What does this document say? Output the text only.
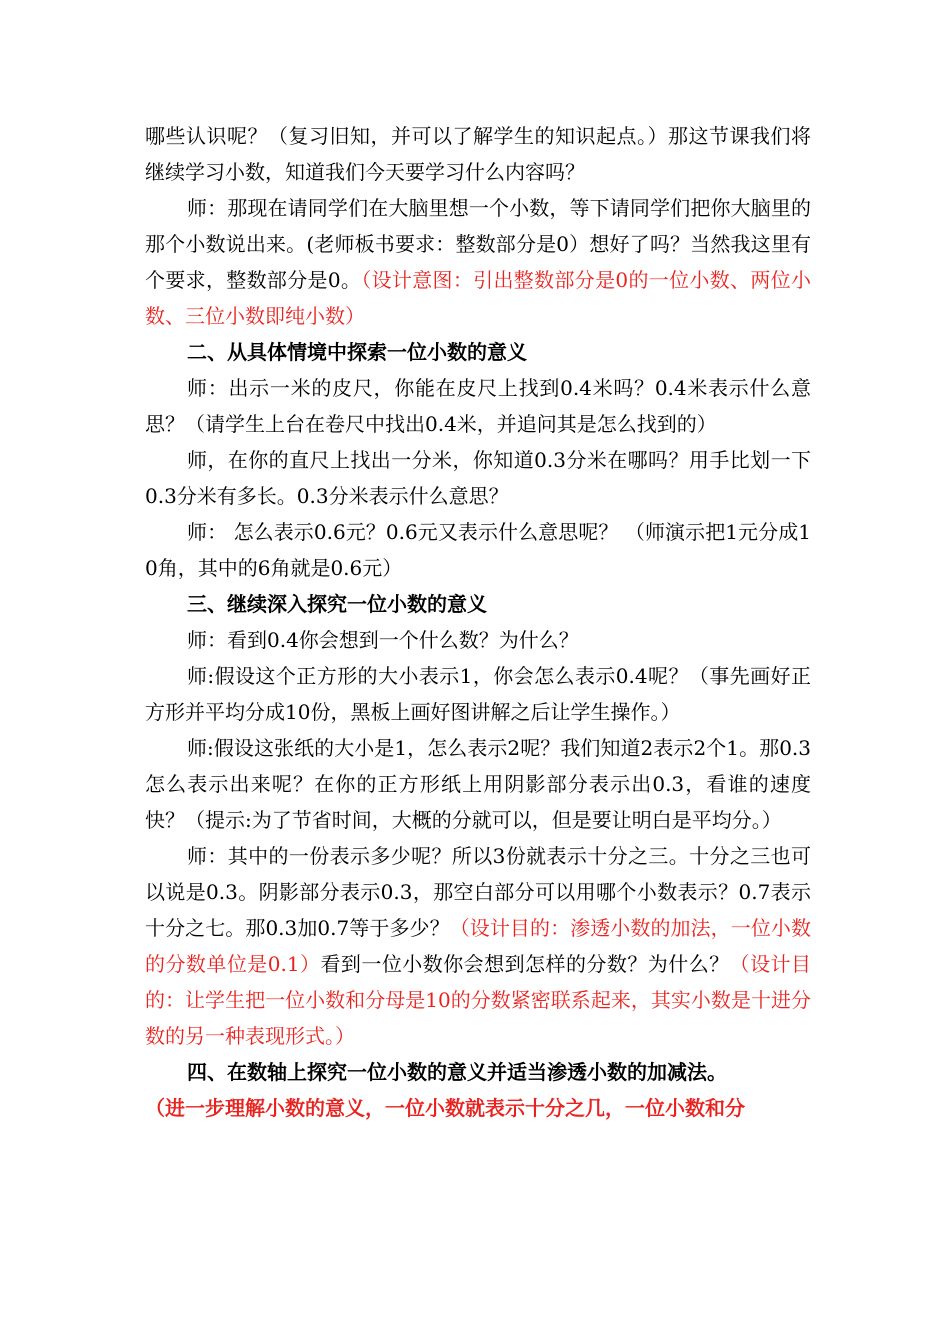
哪些认识呢？（复习旧知，并可以了解学生的知识起点。）那这节课我们将继续学习小数，知道我们今天要学习什么内容吗？

师：那现在请同学们在大脑里想一个小数，等下请同学们把你大脑里的那个小数说出来。(老师板书要求：整数部分是0）想好了吗？当然我这里有个要求，整数部分是0。（设计意图：引出整数部分是0的一位小数、两位小数、三位小数即纯小数）

二、从具体情境中探索一位小数的意义

师：出示一米的皮尺，你能在皮尺上找到0.4米吗？0.4米表示什么意思？（请学生上台在卷尺中找出0.4米，并追问其是怎么找到的）

师，在你的直尺上找出一分米，你知道0.3分米在哪吗？用手比划一下0.3分米有多长。0.3分米表示什么意思？

师： 怎么表示0.6元？0.6元又表示什么意思呢？ （师演示把1元分成10角，其中的6角就是0.6元）

三、继续深入探究一位小数的意义

师：看到0.4你会想到一个什么数？为什么？

师:假设这个正方形的大小表示1，你会怎么表示0.4呢？（事先画好正方形并平均分成10份，黑板上画好图讲解之后让学生操作。）

师:假设这张纸的大小是1，怎么表示2呢？我们知道2表示2个1。那0.3怎么表示出来呢？在你的正方形纸上用阴影部分表示出0.3，看谁的速度快？（提示:为了节省时间，大概的分就可以，但是要让明白是平均分。）

师：其中的一份表示多少呢？所以3份就表示十分之三。十分之三也可以说是0.3。阴影部分表示0.3，那空白部分可以用哪个小数表示？0.7表示十分之七。那0.3加0.7等于多少？（设计目的：渗透小数的加法，一位小数的分数单位是0.1）看到一位小数你会想到怎样的分数？为什么？（设计目的：让学生把一位小数和分母是10的分数紧密联系起来，其实小数是十进分数的另一种表现形式。）

四、在数轴上探究一位小数的意义并适当渗透小数的加减法。

（进一步理解小数的意义，一位小数就表示十分之几，一位小数和分
